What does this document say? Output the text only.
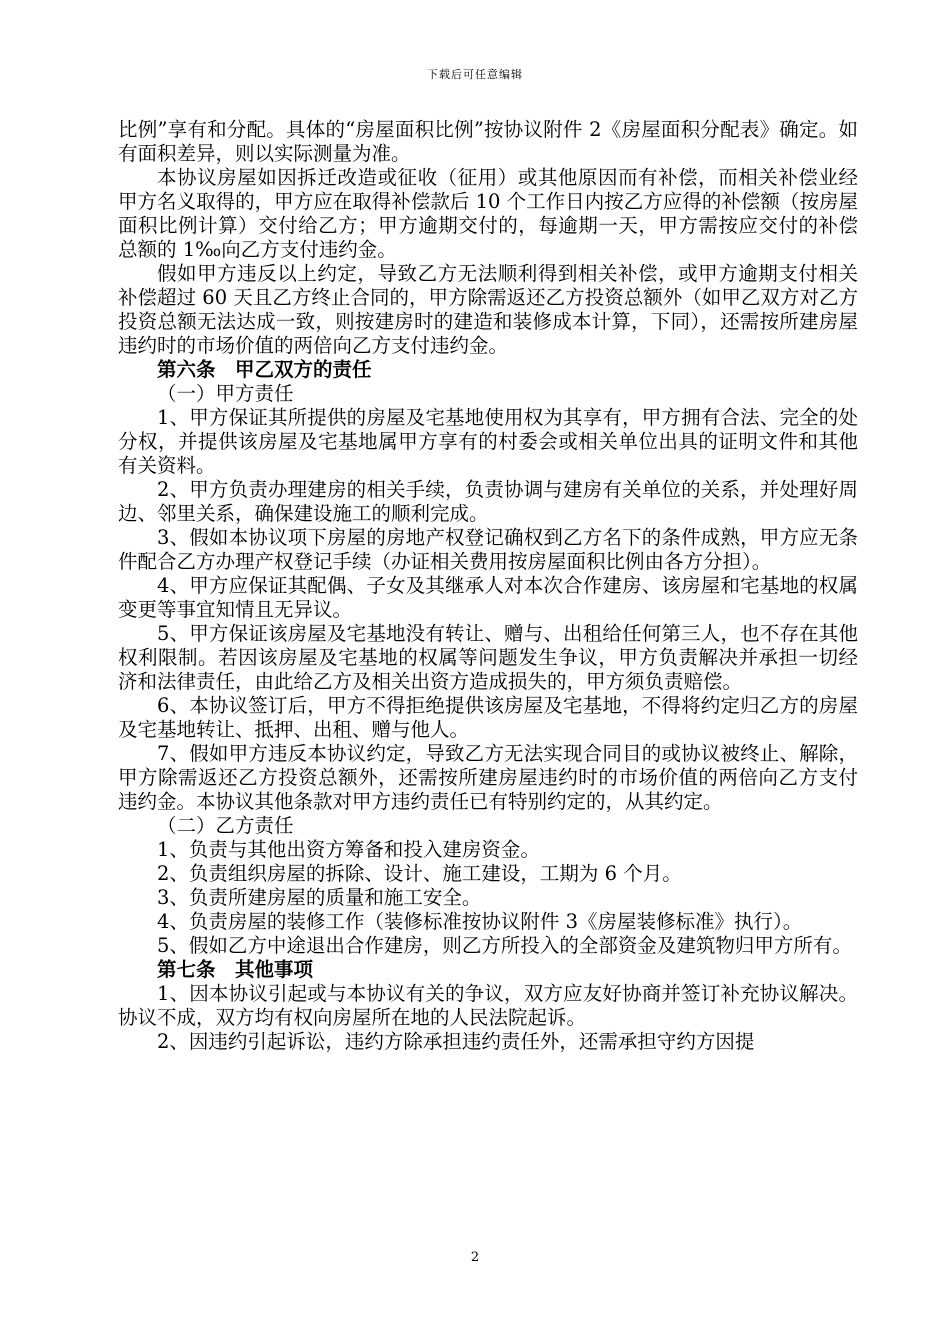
下载后可任意编辑

比例”享有和分配。具体的“房屋面积比例”按协议附件 2《房屋面积分配表》确定。如有面积差异，则以实际测量为准。

本协议房屋如因拆迁改造或征收（征用）或其他原因而有补偿，而相关补偿业经甲方名义取得的，甲方应在取得补偿款后 10 个工作日内按乙方应得的补偿额（按房屋面积比例计算）交付给乙方；甲方逾期交付的，每逾期一天，甲方需按应交付的补偿总额的 1‰向乙方支付违约金。

假如甲方违反以上约定，导致乙方无法顺利得到相关补偿，或甲方逾期支付相关补偿超过 60 天且乙方终止合同的，甲方除需返还乙方投资总额外（如甲乙双方对乙方投资总额无法达成一致，则按建房时的建造和装修成本计算，下同），还需按所建房屋违约时的市场价值的两倍向乙方支付违约金。

第六条　甲乙双方的责任

（一）甲方责任

1、甲方保证其所提供的房屋及宅基地使用权为其享有，甲方拥有合法、完全的处分权，并提供该房屋及宅基地属甲方享有的村委会或相关单位出具的证明文件和其他有关资料。

2、甲方负责办理建房的相关手续，负责协调与建房有关单位的关系，并处理好周边、邻里关系，确保建设施工的顺利完成。

3、假如本协议项下房屋的房地产权登记确权到乙方名下的条件成熟，甲方应无条件配合乙方办理产权登记手续（办证相关费用按房屋面积比例由各方分担）。

4、甲方应保证其配偶、子女及其继承人对本次合作建房、该房屋和宅基地的权属变更等事宜知情且无异议。

5、甲方保证该房屋及宅基地没有转让、赠与、出租给任何第三人，也不存在其他权利限制。若因该房屋及宅基地的权属等问题发生争议，甲方负责解决并承担一切经济和法律责任，由此给乙方及相关出资方造成损失的，甲方须负责赔偿。

6、本协议签订后，甲方不得拒绝提供该房屋及宅基地，不得将约定归乙方的房屋及宅基地转让、抵押、出租、赠与他人。

7、假如甲方违反本协议约定，导致乙方无法实现合同目的或协议被终止、解除，甲方除需返还乙方投资总额外，还需按所建房屋违约时的市场价值的两倍向乙方支付违约金。本协议其他条款对甲方违约责任已有特别约定的，从其约定。

（二）乙方责任

1、负责与其他出资方筹备和投入建房资金。

2、负责组织房屋的拆除、设计、施工建设，工期为 6 个月。

3、负责所建房屋的质量和施工安全。

4、负责房屋的装修工作（装修标准按协议附件 3《房屋装修标准》执行）。

5、假如乙方中途退出合作建房，则乙方所投入的全部资金及建筑物归甲方所有。

第七条　其他事项

1、因本协议引起或与本协议有关的争议，双方应友好协商并签订补充协议解决。协议不成，双方均有权向房屋所在地的人民法院起诉。

2、因违约引起诉讼，违约方除承担违约责任外，还需承担守约方因提

2
